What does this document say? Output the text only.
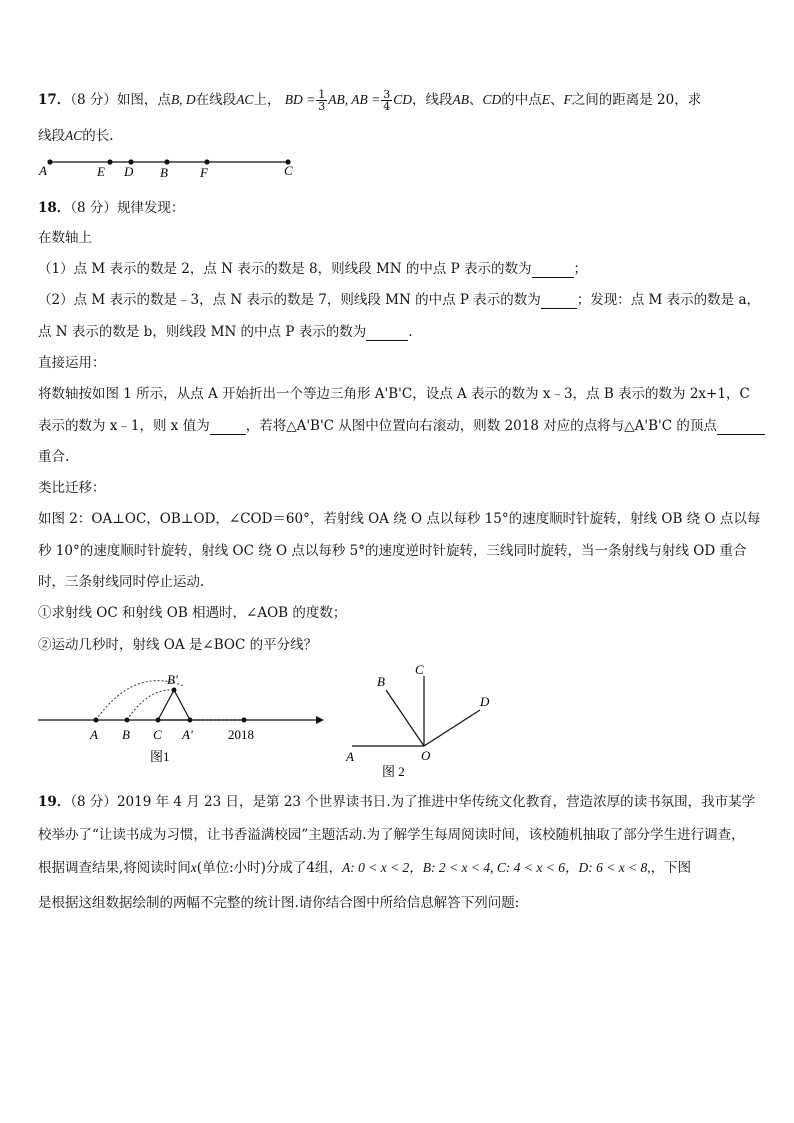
17．（8 分）如图，点B, D在线段AC上， BD = $\frac{1}{3}$ AB, AB = $\frac{3}{4}$ CD，线段AB、CD的中点E、F之间的距离是 20，求
线段AC的长.
A	E D B F	C
18．（8 分）规律发现：
在数轴上
（1）点 M 表示的数是 2，点 N 表示的数是 8，则线段 MN 的中点 P 表示的数为	；
（2）点 M 表示的数是﹣3，点 N 表示的数是 7，则线段 MN 的中点 P 表示的数为	；发现：点 M 表示的数是 a，
点 N 表示的数是 b，则线段 MN 的中点 P 表示的数为	.
直接运用：
将数轴按如图 1 所示，从点 A 开始折出一个等边三角形 A'B'C，设点 A 表示的数为 x﹣3，点 B 表示的数为 2x+1，C
表示的数为 x﹣1，则 x 值为	，若将△A'B'C 从图中位置向右滚动，则数 2018 对应的点将与△A'B'C 的顶点
重合.
类比迁移：
如图 2：OA⊥OC，OB⊥OD，∠COD＝60°，若射线 OA 绕 O 点以每秒 15°的速度顺时针旋转，射线 OB 绕 O 点以每
秒 10°的速度顺时针旋转，射线 OC 绕 O 点以每秒 5°的速度逆时针旋转，三线同时旋转，当一条射线与射线 OD 重合
时，三条射线同时停止运动.
①求射线 OC 和射线 OB 相遇时，∠AOB 的度数；
②运动几秒时，射线 OA 是∠BOC 的平分线？
A B C A'
B'
2018
图1	A	O
B
C
D
图 2
19．（8 分）2019 年 4 月 23 日，是第 23 个世界读书日.为了推进中华传统文化教育，营造浓厚的读书氛围，我市某学
校举办了“让读书成为习惯，让书香溢满校园”主题活动.为了解学生每周阅读时间，该校随机抽取了部分学生进行调查，
根据调查结果,将阅读时间x(单位:小时)分成了4组，A: 0 < x < 2，B: 2 < x < 4, C: 4 < x < 6，D: 6 < x < 8,，下图
是根据这组数据绘制的两幅不完整的统计图.请你结合图中所给信息解答下列问题:
